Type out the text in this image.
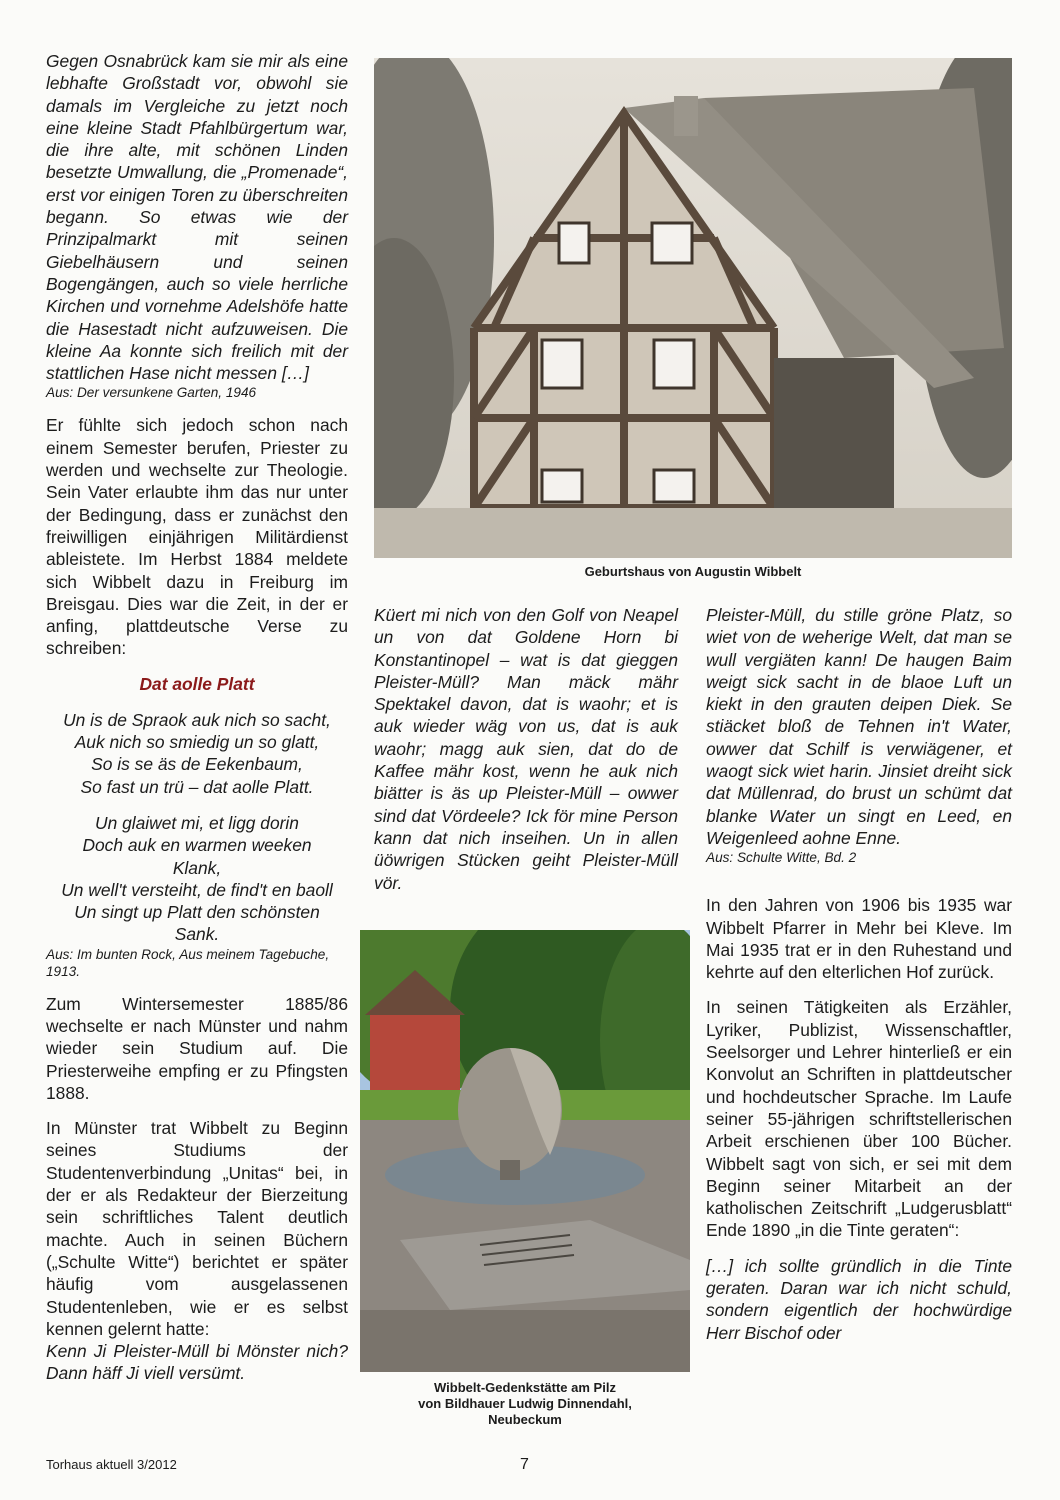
Gegen Osnabrück kam sie mir als eine lebhafte Großstadt vor, obwohl sie damals im Vergleiche zu jetzt noch eine kleine Stadt Pfahlbürgertum war, die ihre alte, mit schönen Linden besetzte Umwallung, die „Promenade“, erst vor einigen Toren zu überschreiten begann. So etwas wie der Prinzipalmarkt mit seinen Giebelhäusern und seinen Bogengängen, auch so viele herrliche Kirchen und vornehme Adelshöfe hatte die Hasestadt nicht aufzuweisen. Die kleine Aa konnte sich freilich mit der stattlichen Hase nicht messen […]

Aus: Der versunkene Garten, 1946

Er fühlte sich jedoch schon nach einem Semester berufen, Priester zu werden und wechselte zur Theologie. Sein Vater erlaubte ihm das nur unter der Bedingung, dass er zunächst den freiwilligen einjährigen Militärdienst ableistete. Im Herbst 1884 meldete sich Wibbelt dazu in Freiburg im Breisgau. Dies war die Zeit, in der er anfing, plattdeutsche Verse zu schreiben:

Dat aolle Platt

Un is de Spraok auk nich so sacht,

Auk nich so smiedig un so glatt,

So is se äs de Eekenbaum,

So fast un trü – dat aolle Platt.

Un glaiwet mi, et ligg dorin

Doch auk en warmen weeken

Klank,

Un well't versteiht, de find't en baoll

Un singt up Platt den schönsten

Sank.

Aus: Im bunten Rock, Aus meinem Tagebuche, 1913.

Zum Wintersemester 1885/86 wechselte er nach Münster und nahm wieder sein Studium auf. Die Priesterweihe empfing er zu Pfingsten 1888.

In Münster trat Wibbelt zu Beginn seines Studiums der Studentenverbindung „Unitas“ bei, in der er als Redakteur der Bierzeitung sein schriftliches Talent deutlich machte. Auch in seinen Büchern („Schulte Witte“) berichtet er später häufig vom ausgelassenen Studentenleben, wie er es selbst kennen gelernt hatte:

Kenn Ji Pleister-Müll bi Mönster nich? Dann häff Ji viell versümt.

Geburtshaus von Augustin Wibbelt

Küert mi nich von den Golf von Neapel un von dat Goldene Horn bi Konstantinopel – wat is dat gieggen Pleister-Müll? Man mäck mähr Spektakel davon, dat is waohr; et is auk wieder wäg von us, dat is auk waohr; magg auk sien, dat do de Kaffee mähr kost, wenn he auk nich biätter is äs up Pleister-Müll – owwer sind dat Vördeele? Ick för mine Person kann dat nich inseihen. Un in allen üöwrigen Stücken geiht Pleister-Müll vör.

Wibbelt-Gedenkstätte am Pilz
von Bildhauer Ludwig Dinnendahl,
Neubeckum

Pleister-Müll, du stille gröne Platz, so wiet von de weherige Welt, dat man se wull vergiäten kann! De haugen Baim weigt sick sacht in de blaoe Luft un kiekt in den grauten deipen Diek. Se stiäcket bloß de Tehnen in't Water, owwer dat Schilf is verwiägener, et waogt sick wiet harin. Jinsiet dreiht sick dat Müllenrad, do brust un schümt dat blanke Water un singt en Leed, en Weigenleed aohne Enne.

Aus: Schulte Witte, Bd. 2

In den Jahren von 1906 bis 1935 war Wibbelt Pfarrer in Mehr bei Kleve. Im Mai 1935 trat er in den Ruhestand und kehrte auf den elterlichen Hof zurück.

In seinen Tätigkeiten als Erzähler, Lyriker, Publizist, Wissenschaftler, Seelsorger und Lehrer hinterließ er ein Konvolut an Schriften in plattdeutscher und hochdeutscher Sprache. Im Laufe seiner 55-jährigen schriftstellerischen Arbeit erschienen über 100 Bücher. Wibbelt sagt von sich, er sei mit dem Beginn seiner Mitarbeit an der katholischen Zeitschrift „Ludgerusblatt“ Ende 1890 „in die Tinte geraten“:

[…] ich sollte gründlich in die Tinte geraten. Daran war ich nicht schuld, sondern eigentlich der hochwürdige Herr Bischof oder

Torhaus aktuell 3/2012	7
